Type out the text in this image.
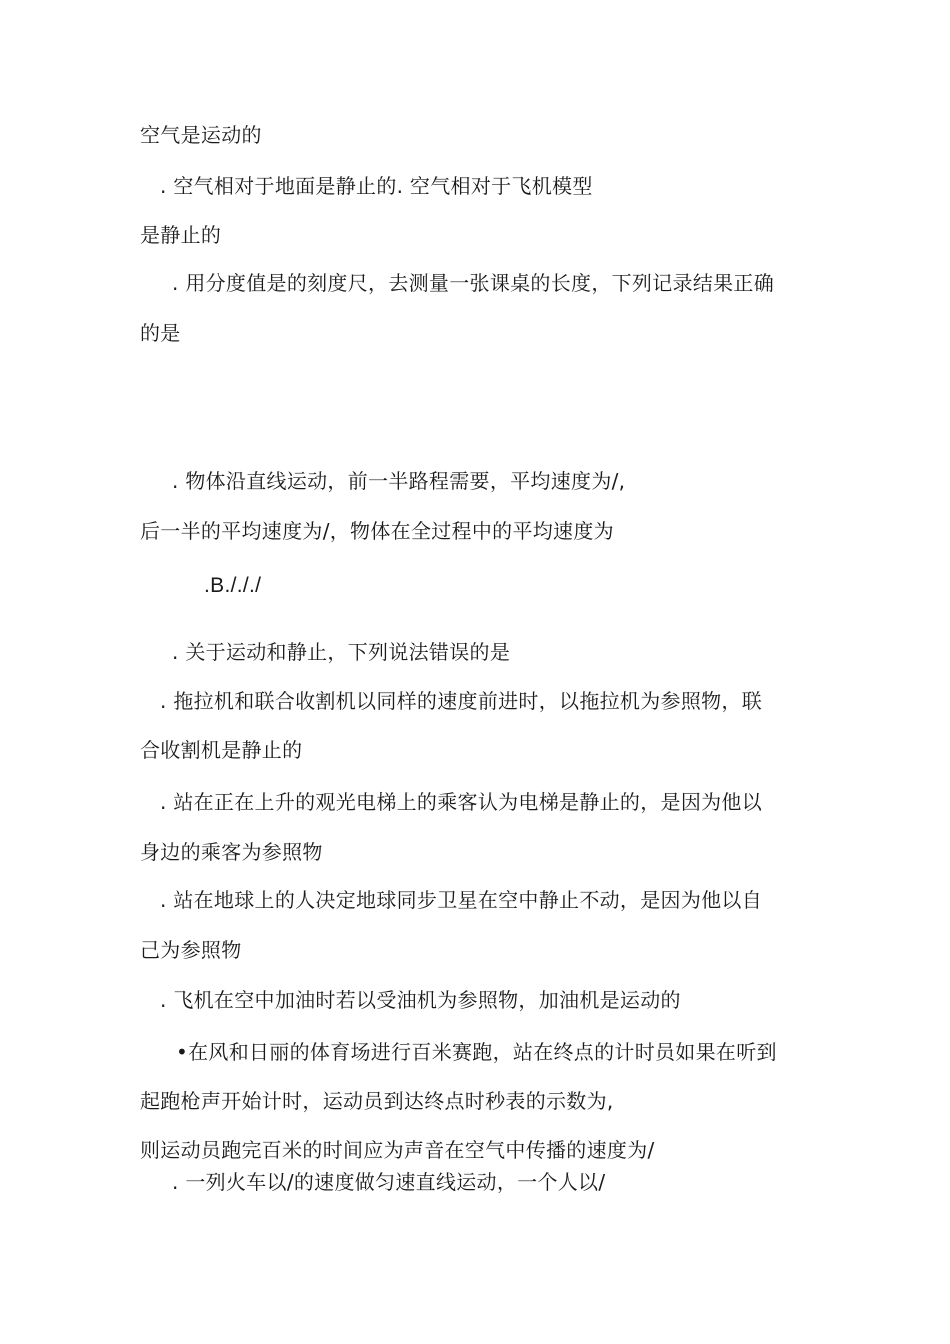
空气是运动的
. 空气相对于地面是静止的. 空气相对于飞机模型
是静止的
. 用分度值是的刻度尺，去测量一张课桌的长度，下列记录结果正确
的是
. 物体沿直线运动，前一半路程需要，平均速度为/,
后一半的平均速度为/，物体在全过程中的平均速度为
.B./././
. 关于运动和静止，下列说法错误的是
. 拖拉机和联合收割机以同样的速度前进时，以拖拉机为参照物，联
合收割机是静止的
. 站在正在上升的观光电梯上的乘客认为电梯是静止的，是因为他以
身边的乘客为参照物
. 站在地球上的人决定地球同步卫星在空中静止不动，是因为他以自
己为参照物
. 飞机在空中加油时若以受油机为参照物，加油机是运动的
•在风和日丽的体育场进行百米赛跑，站在终点的计时员如果在听到
起跑枪声开始计时，运动员到达终点时秒表的示数为,
则运动员跑完百米的时间应为声音在空气中传播的速度为/
. 一列火车以/的速度做匀速直线运动，一个人以/
